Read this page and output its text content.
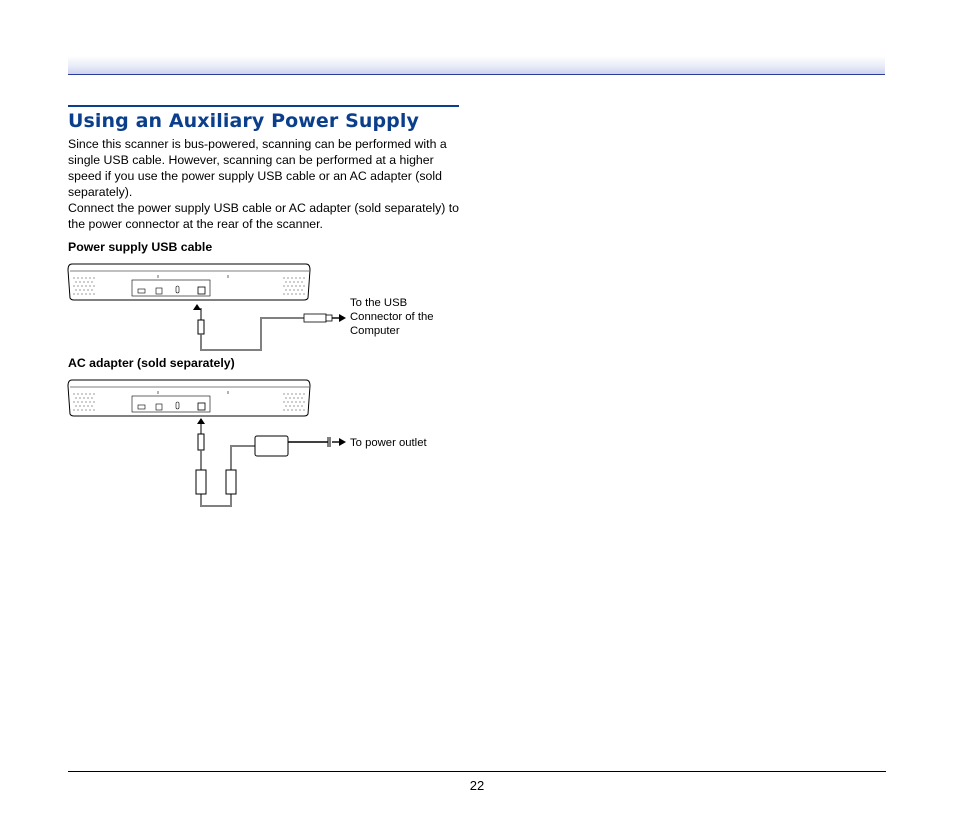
Using an Auxiliary Power Supply

Since this scanner is bus-powered, scanning can be performed with a single USB cable. However, scanning can be performed at a higher speed if you use the power supply USB cable or an AC adapter (sold separately).

Connect the power supply USB cable or AC adapter (sold separately) to the power connector at the rear of the scanner.

Power supply USB cable

To the USB Connector of the Computer

AC adapter (sold separately)

To power outlet

22
